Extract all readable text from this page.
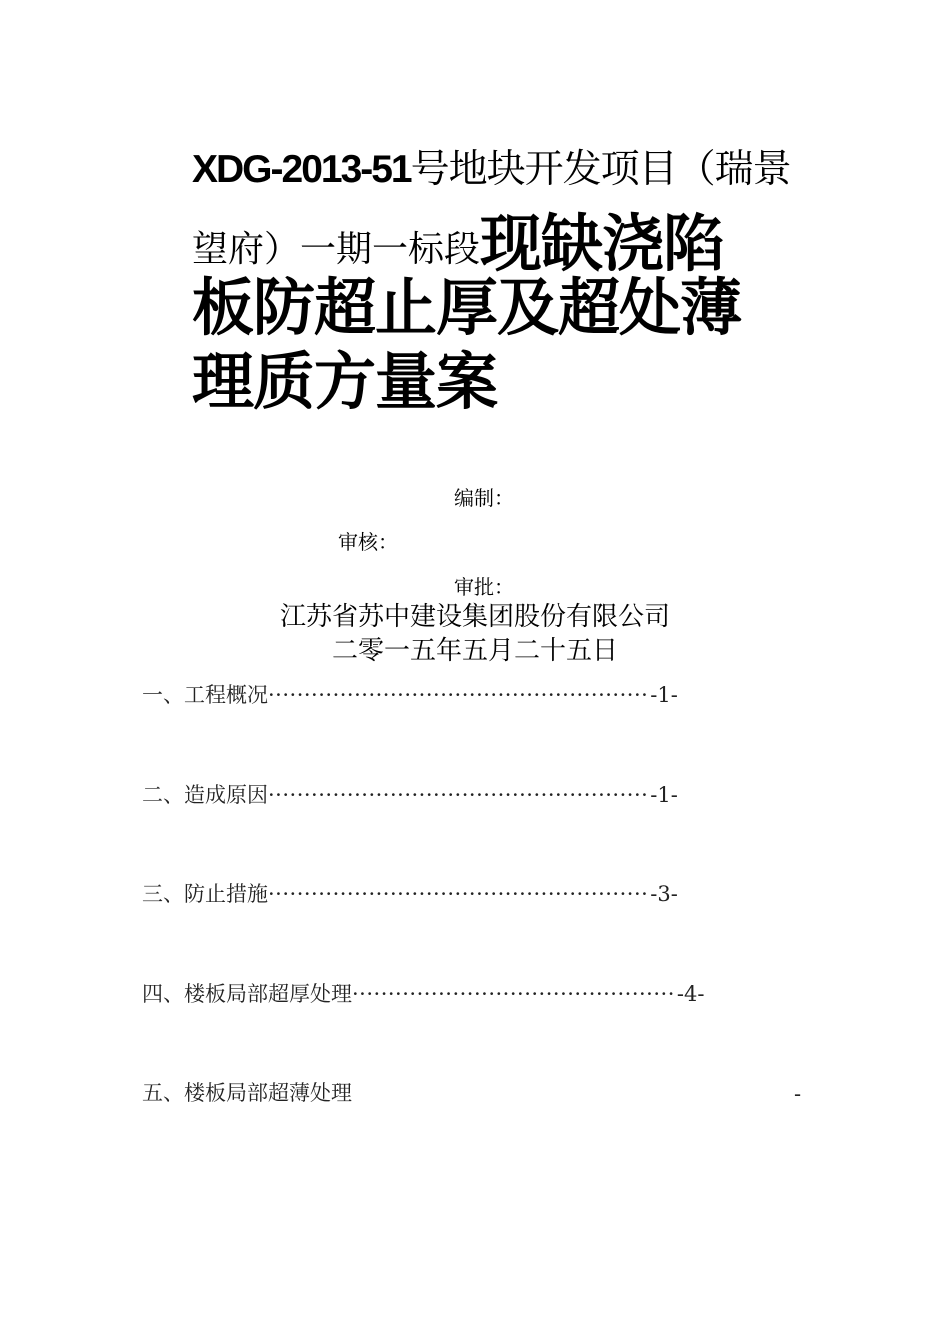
XDG-2013-51号地块开发项目（瑞景
望府）一期一标段现缺浇陷
板防超止厚及超处薄
理质方量案
编制：
审核：
审批：
江苏省苏中建设集团股份有限公司
二零一五年五月二十五日
一、工程概况·····················································-1-
二、造成原因·····················································-1-
三、防止措施·····················································-3-
四、楼板局部超厚处理·············································-4-
五、楼板局部超薄处理	-
